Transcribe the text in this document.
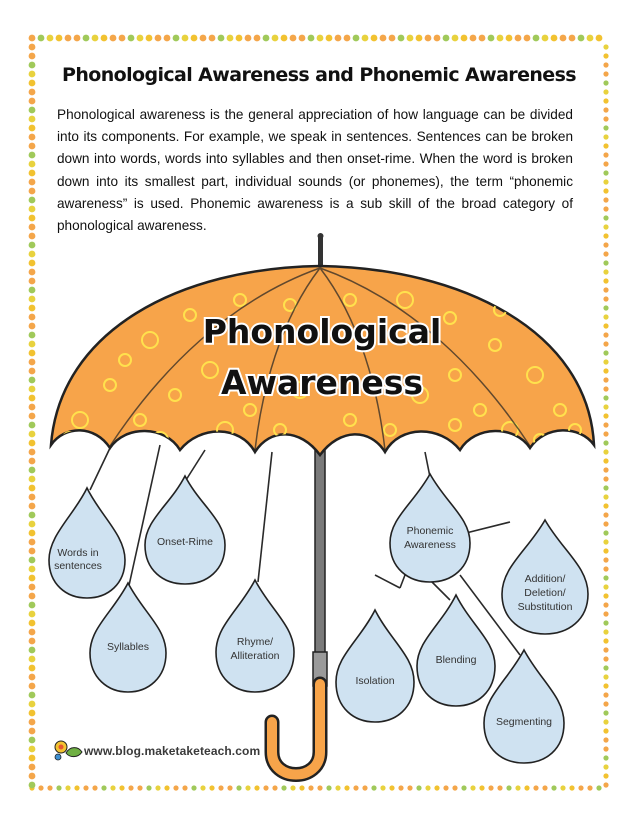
Phonological Awareness and Phonemic Awareness

Phonological awareness is the general appreciation of how language can be divided into its components. For example, we speak in sentences. Sentences can be broken down into words, words into syllables and then onset-rime. When the word is broken down into its smallest part, individual sounds (or phonemes), the term “phonemic awareness” is used. Phonemic awareness is a sub skill of the broad category of phonological awareness.

Phonological
Awareness
Words in
sentences
Onset-Rime
Syllables	Rhyme/
Alliteration
Phonemic
Awareness
Addition/
Deletion/
Substitution
Isolation
Blending
Segmenting
www.blog.maketaketeach.com
